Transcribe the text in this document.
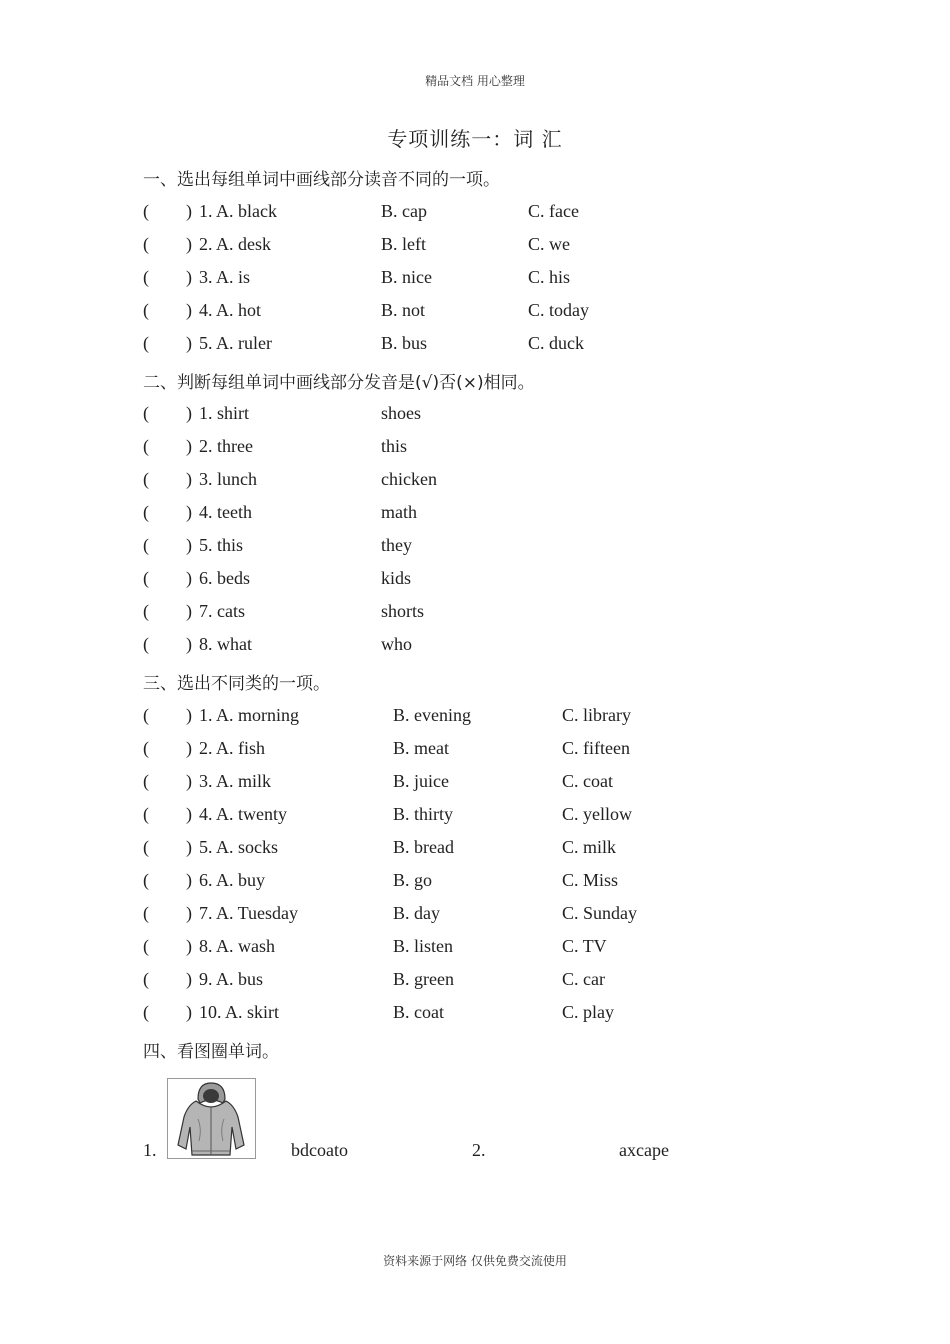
精品文档 用心整理
专项训练一：词 汇
一、选出每组单词中画线部分读音不同的一项。
( ) 1. A. black	B. cap	C. face
( ) 2. A. desk	B. left	C. we
( ) 3. A. is	B. nice	C. his
( ) 4. A. hot	B. not	C. today
( ) 5. A. ruler	B. bus	C. duck
二、判断每组单词中画线部分发音是(√)否(×)相同。
( ) 1. shirt	shoes
( ) 2. three	this
( ) 3. lunch	chicken
( ) 4. teeth	math
( ) 5. this	they
( ) 6. beds	kids
( ) 7. cats	shorts
( ) 8. what	who
三、选出不同类的一项。
( ) 1. A. morning	B. evening	C. library
( ) 2. A. fish	B. meat	C. fifteen
( ) 3. A. milk	B. juice	C. coat
( ) 4. A. twenty	B. thirty	C. yellow
( ) 5. A. socks	B. bread	C. milk
( ) 6. A. buy	B. go	C. Miss
( ) 7. A. Tuesday	B. day	C. Sunday
( ) 8. A. wash	B. listen	C. TV
( ) 9. A. bus	B. green	C. car
( ) 10. A. skirt	B. coat	C. play
四、看图圈单词。
1.	bdcoato	2.	axcape
资料来源于网络 仅供免费交流使用
